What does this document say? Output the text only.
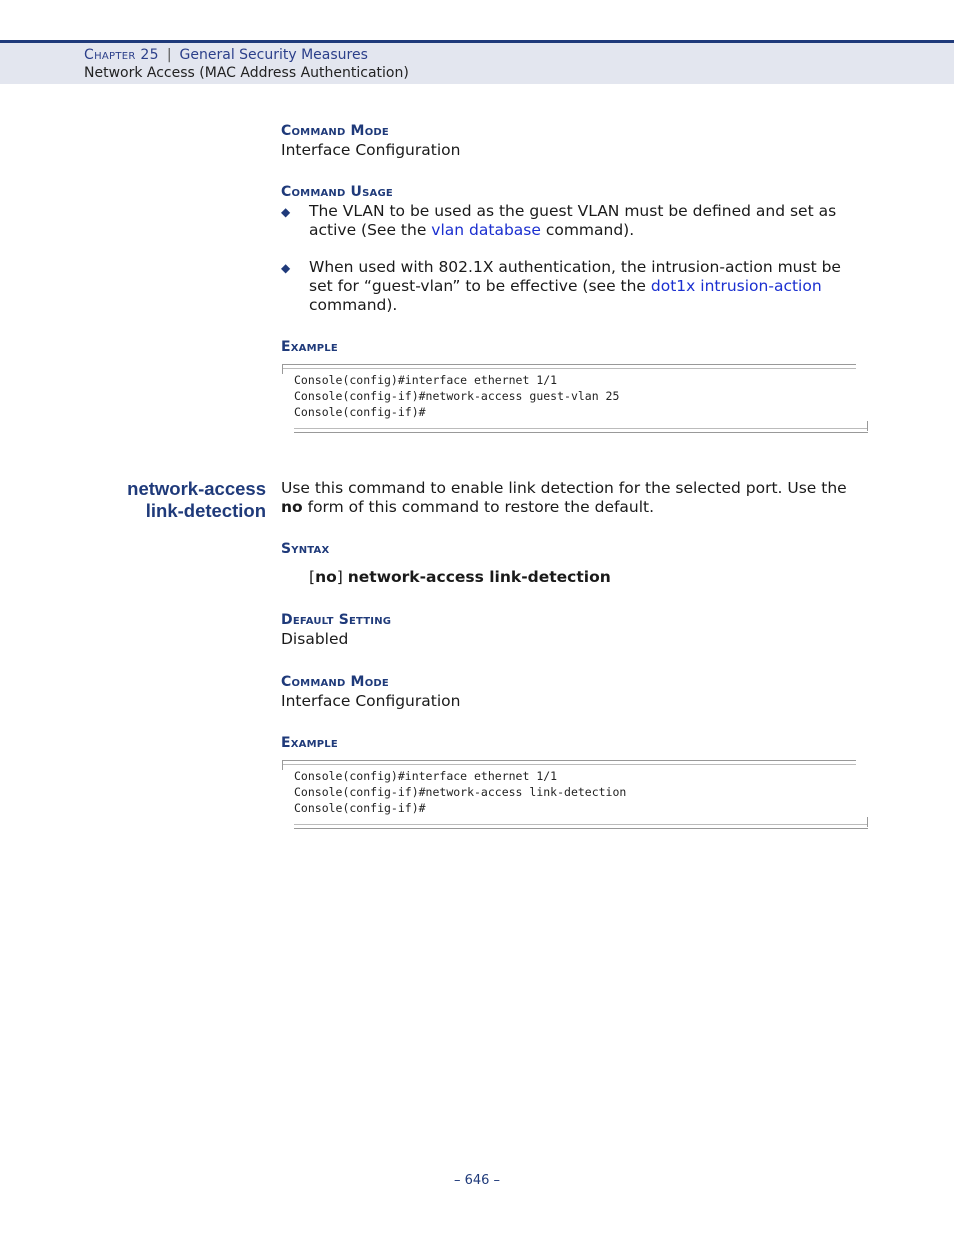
Chapter 25 | General Security Measures
Network Access (MAC Address Authentication)
Command Mode
Interface Configuration
Command Usage
◆ The VLAN to be used as the guest VLAN must be defined and set as
active (See the vlan database command).
◆ When used with 802.1X authentication, the intrusion-action must be
set for “guest-vlan” to be effective (see the dot1x intrusion-action
command).
Example
Console(config)#interface ethernet 1/1
Console(config-if)#network-access guest-vlan 25
Console(config-if)#
network-access
link-detection
Use this command to enable link detection for the selected port. Use the
no form of this command to restore the default.
Syntax
[no] network-access link-detection
Default Setting
Disabled
Command Mode
Interface Configuration
Example
Console(config)#interface ethernet 1/1
Console(config-if)#network-access link-detection
Console(config-if)#
– 646 –
